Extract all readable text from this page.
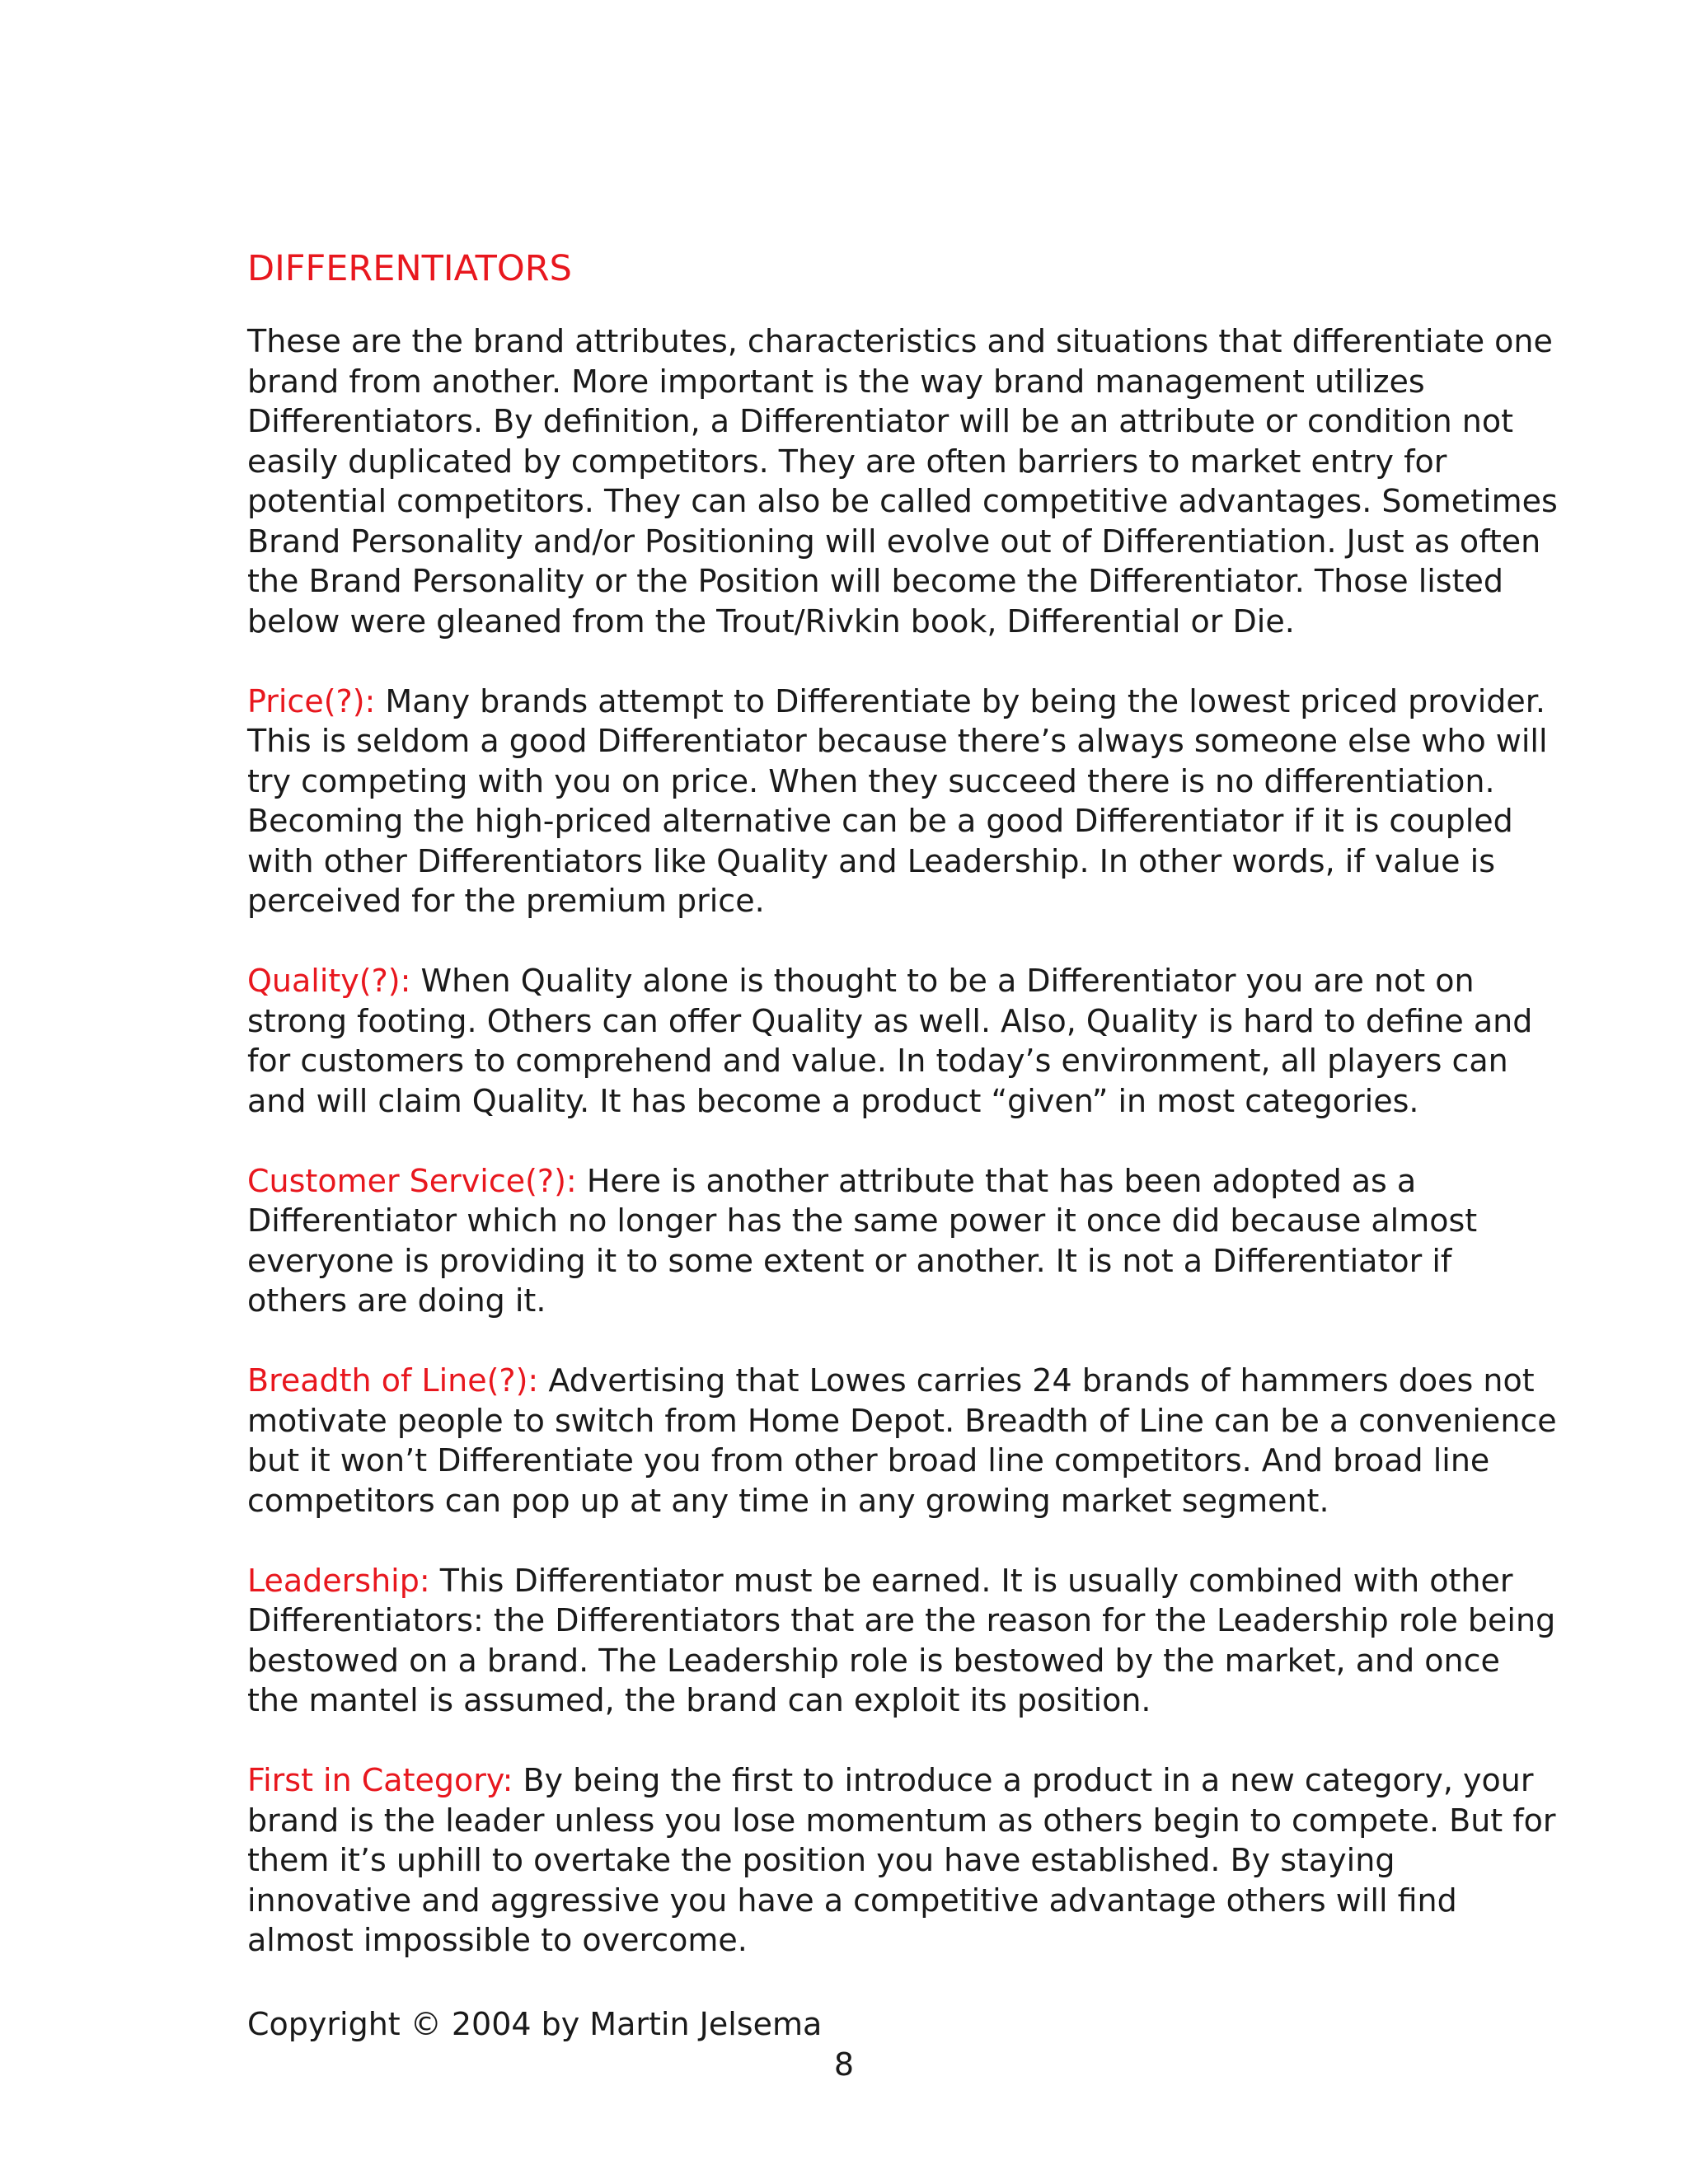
DIFFERENTIATORS

These are the brand attributes, characteristics and situations that differentiate one brand from another. More important is the way brand management utilizes Differentiators. By definition, a Differentiator will be an attribute or condition not easily duplicated by competitors. They are often barriers to market entry for potential competitors. They can also be called competitive advantages. Sometimes Brand Personality and/or Positioning will evolve out of Differentiation. Just as often the Brand Personality or the Position will become the Differentiator. Those listed below were gleaned from the Trout/Rivkin book, Differential or Die.

Price(?): Many brands attempt to Differentiate by being the lowest priced provider. This is seldom a good Differentiator because there’s always someone else who will try competing with you on price. When they succeed there is no differentiation. Becoming the high-priced alternative can be a good Differentiator if it is coupled with other Differentiators like Quality and Leadership. In other words, if value is perceived for the premium price.

Quality(?): When Quality alone is thought to be a Differentiator you are not on strong footing. Others can offer Quality as well. Also, Quality is hard to define and for customers to comprehend and value. In today’s environment, all players can and will claim Quality. It has become a product “given” in most categories.

Customer Service(?): Here is another attribute that has been adopted as a Differentiator which no longer has the same power it once did because almost everyone is providing it to some extent or another. It is not a Differentiator if others are doing it.

Breadth of Line(?): Advertising that Lowes carries 24 brands of hammers does not motivate people to switch from Home Depot. Breadth of Line can be a convenience but it won’t Differentiate you from other broad line competitors. And broad line competitors can pop up at any time in any growing market segment.

Leadership: This Differentiator must be earned. It is usually combined with other Differentiators: the Differentiators that are the reason for the Leadership role being bestowed on a brand. The Leadership role is bestowed by the market, and once the mantel is assumed, the brand can exploit its position.

First in Category: By being the first to introduce a product in a new category, your brand is the leader unless you lose momentum as others begin to compete. But for them it’s uphill to overtake the position you have established. By staying innovative and aggressive you have a competitive advantage others will find almost impossible to overcome.

Copyright © 2004 by Martin Jelsema
8
